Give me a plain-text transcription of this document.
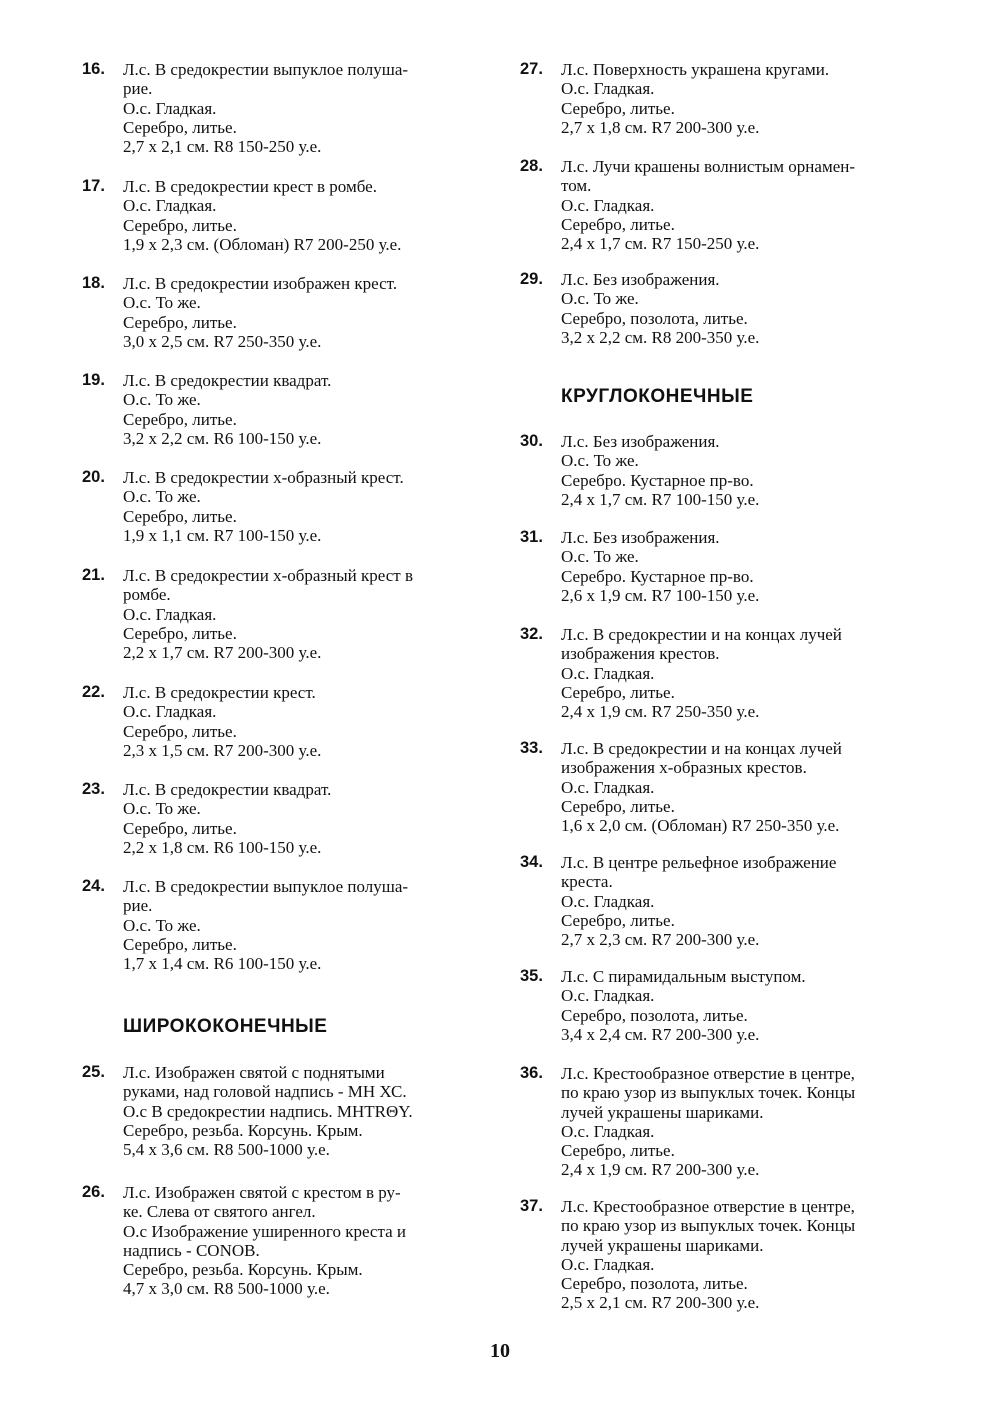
16. Л.с. В средокрестии выпуклое полуша-
рие.
О.с. Гладкая.
Серебро, литье.
2,7 x 2,1 см. R8 150-250 у.е.
17. Л.с. В средокрестии крест в ромбе.
О.с. Гладкая.
Серебро, литье.
1,9 x 2,3 см. (Обломан) R7 200-250 у.е.
18. Л.с. В средокрестии изображен крест.
О.с. То же.
Серебро, литье.
3,0 x 2,5 см. R7 250-350 у.е.
19. Л.с. В средокрестии квадрат.
О.с. То же.
Серебро, литье.
3,2 x 2,2 см. R6 100-150 у.е.
20. Л.с. В средокрестии х-образный крест.
О.с. То же.
Серебро, литье.
1,9 x 1,1 см. R7 100-150 у.е.
21. Л.с. В средокрестии х-образный крест в
ромбе.
О.с. Гладкая.
Серебро, литье.
2,2 x 1,7 см. R7 200-300 у.е.
22. Л.с. В средокрестии крест.
О.с. Гладкая.
Серебро, литье.
2,3 x 1,5 см. R7 200-300 у.е.
23. Л.с. В средокрестии квадрат.
О.с. То же.
Серебро, литье.
2,2 x 1,8 см. R6 100-150 у.е.
24. Л.с. В средокрестии выпуклое полуша-
рие.
О.с. То же.
Серебро, литье.
1,7 x 1,4 см. R6 100-150 у.е.
ШИРОКОКОНЕЧНЫЕ
25. Л.с. Изображен святой с поднятыми
руками, над головой надпись - МН ХС.
О.с В средокрестии надпись. MHTRΘY.
Серебро, резьба. Корсунь. Крым.
5,4 x 3,6 см. R8 500-1000 у.е.
26. Л.с. Изображен святой с крестом в ру-
ке. Слева от святого ангел.
О.с Изображение уширенного креста и
надпись - CONOB.
Серебро, резьба. Корсунь. Крым.
4,7 x 3,0 см. R8 500-1000 у.е.
27. Л.с. Поверхность украшена кругами.
О.с. Гладкая.
Серебро, литье.
2,7 x 1,8 см. R7 200-300 у.е.
28. Л.с. Лучи крашены волнистым орнамен-
том.
О.с. Гладкая.
Серебро, литье.
2,4 x 1,7 см. R7 150-250 у.е.
29. Л.с. Без изображения.
О.с. То же.
Серебро, позолота, литье.
3,2 x 2,2 см. R8 200-350 у.е.
КРУГЛОКОНЕЧНЫЕ
30. Л.с. Без изображения.
О.с. То же.
Серебро. Кустарное пр-во.
2,4 x 1,7 см. R7 100-150 у.е.
31. Л.с. Без изображения.
О.с. То же.
Серебро. Кустарное пр-во.
2,6 x 1,9 см. R7 100-150 у.е.
32. Л.с. В средокрестии и на концах лучей
изображения крестов.
О.с. Гладкая.
Серебро, литье.
2,4 x 1,9 см. R7 250-350 у.е.
33. Л.с. В средокрестии и на концах лучей
изображения х-образных крестов.
О.с. Гладкая.
Серебро, литье.
1,6 x 2,0 см. (Обломан) R7 250-350 у.е.
34. Л.с. В центре рельефное изображение
креста.
О.с. Гладкая.
Серебро, литье.
2,7 x 2,3 см. R7 200-300 у.е.
35. Л.с. С пирамидальным выступом.
О.с. Гладкая.
Серебро, позолота, литье.
3,4 x 2,4 см. R7 200-300 у.е.
36. Л.с. Крестообразное отверстие в центре,
по краю узор из выпуклых точек. Концы
лучей украшены шариками.
О.с. Гладкая.
Серебро, литье.
2,4 x 1,9 см. R7 200-300 у.е.
37. Л.с. Крестообразное отверстие в центре,
по краю узор из выпуклых точек. Концы
лучей украшены шариками.
О.с. Гладкая.
Серебро, позолота, литье.
2,5 x 2,1 см. R7 200-300 у.е.
10
